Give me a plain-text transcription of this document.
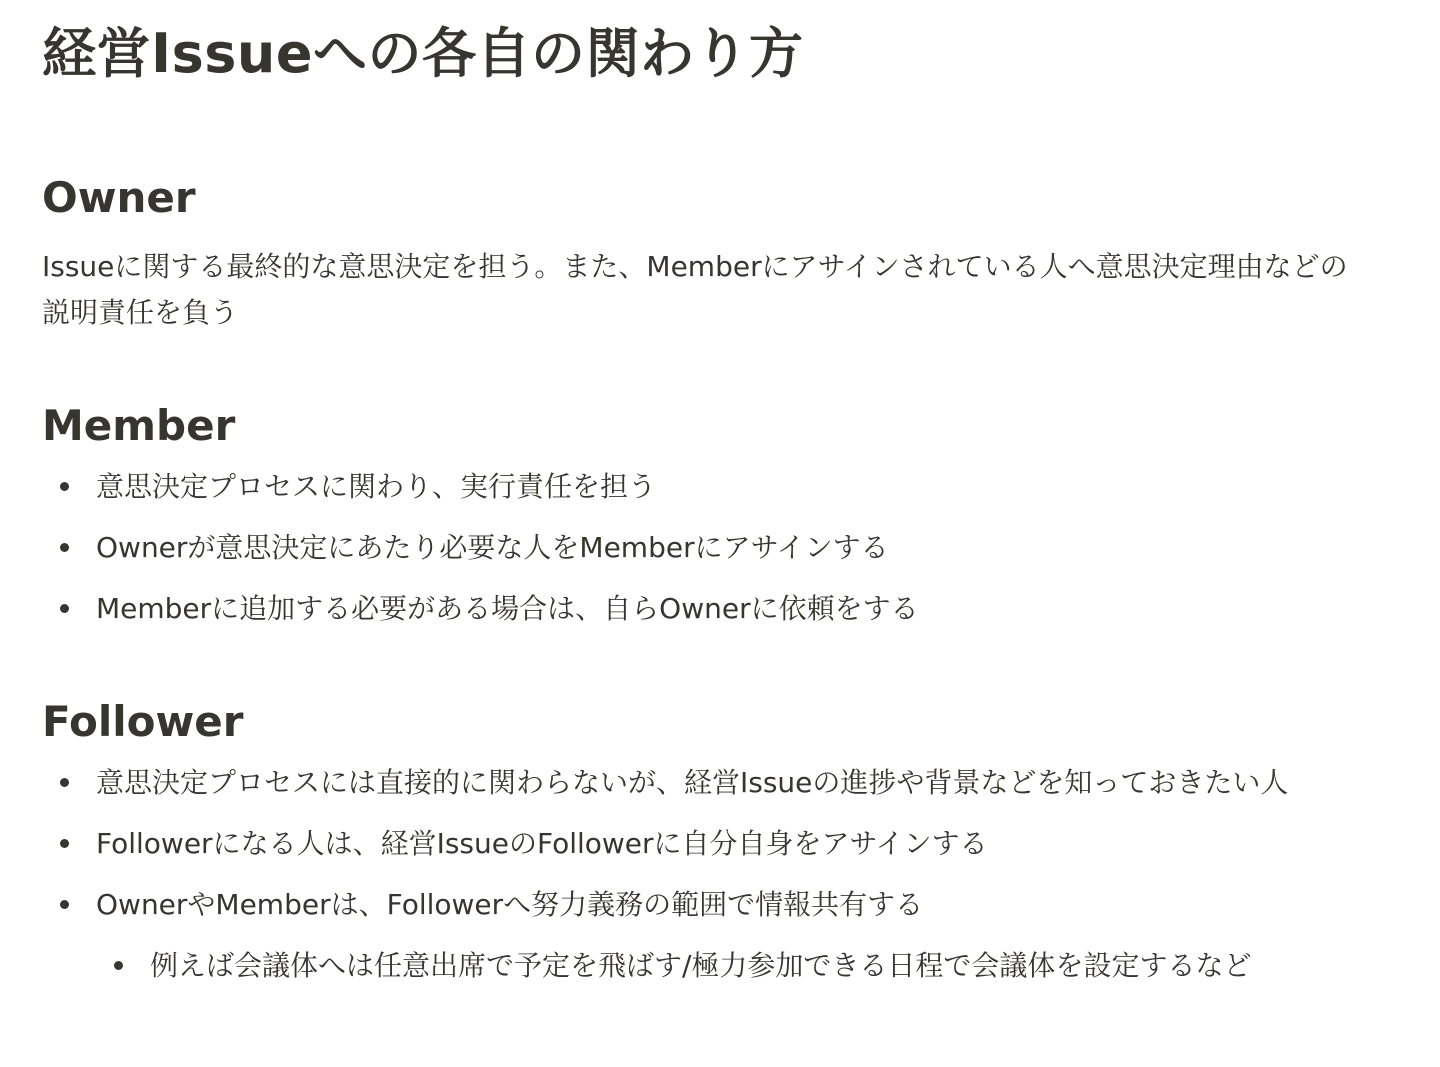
経営Issueへの各自の関わり方
Owner

Issueに関する最終的な意思決定を担う。また、Memberにアサインされている人へ意思決定理由などの説明責任を負う

Member
意思決定プロセスに関わり、実行責任を担う
Ownerが意思決定にあたり必要な人をMemberにアサインする
Memberに追加する必要がある場合は、自らOwnerに依頼をする
Follower
意思決定プロセスには直接的に関わらないが、経営Issueの進捗や背景などを知っておきたい人
Followerになる人は、経営IssueのFollowerに自分自身をアサインする
OwnerやMemberは、Followerへ努力義務の範囲で情報共有する
例えば会議体へは任意出席で予定を飛ばす/極力参加できる日程で会議体を設定するなど
